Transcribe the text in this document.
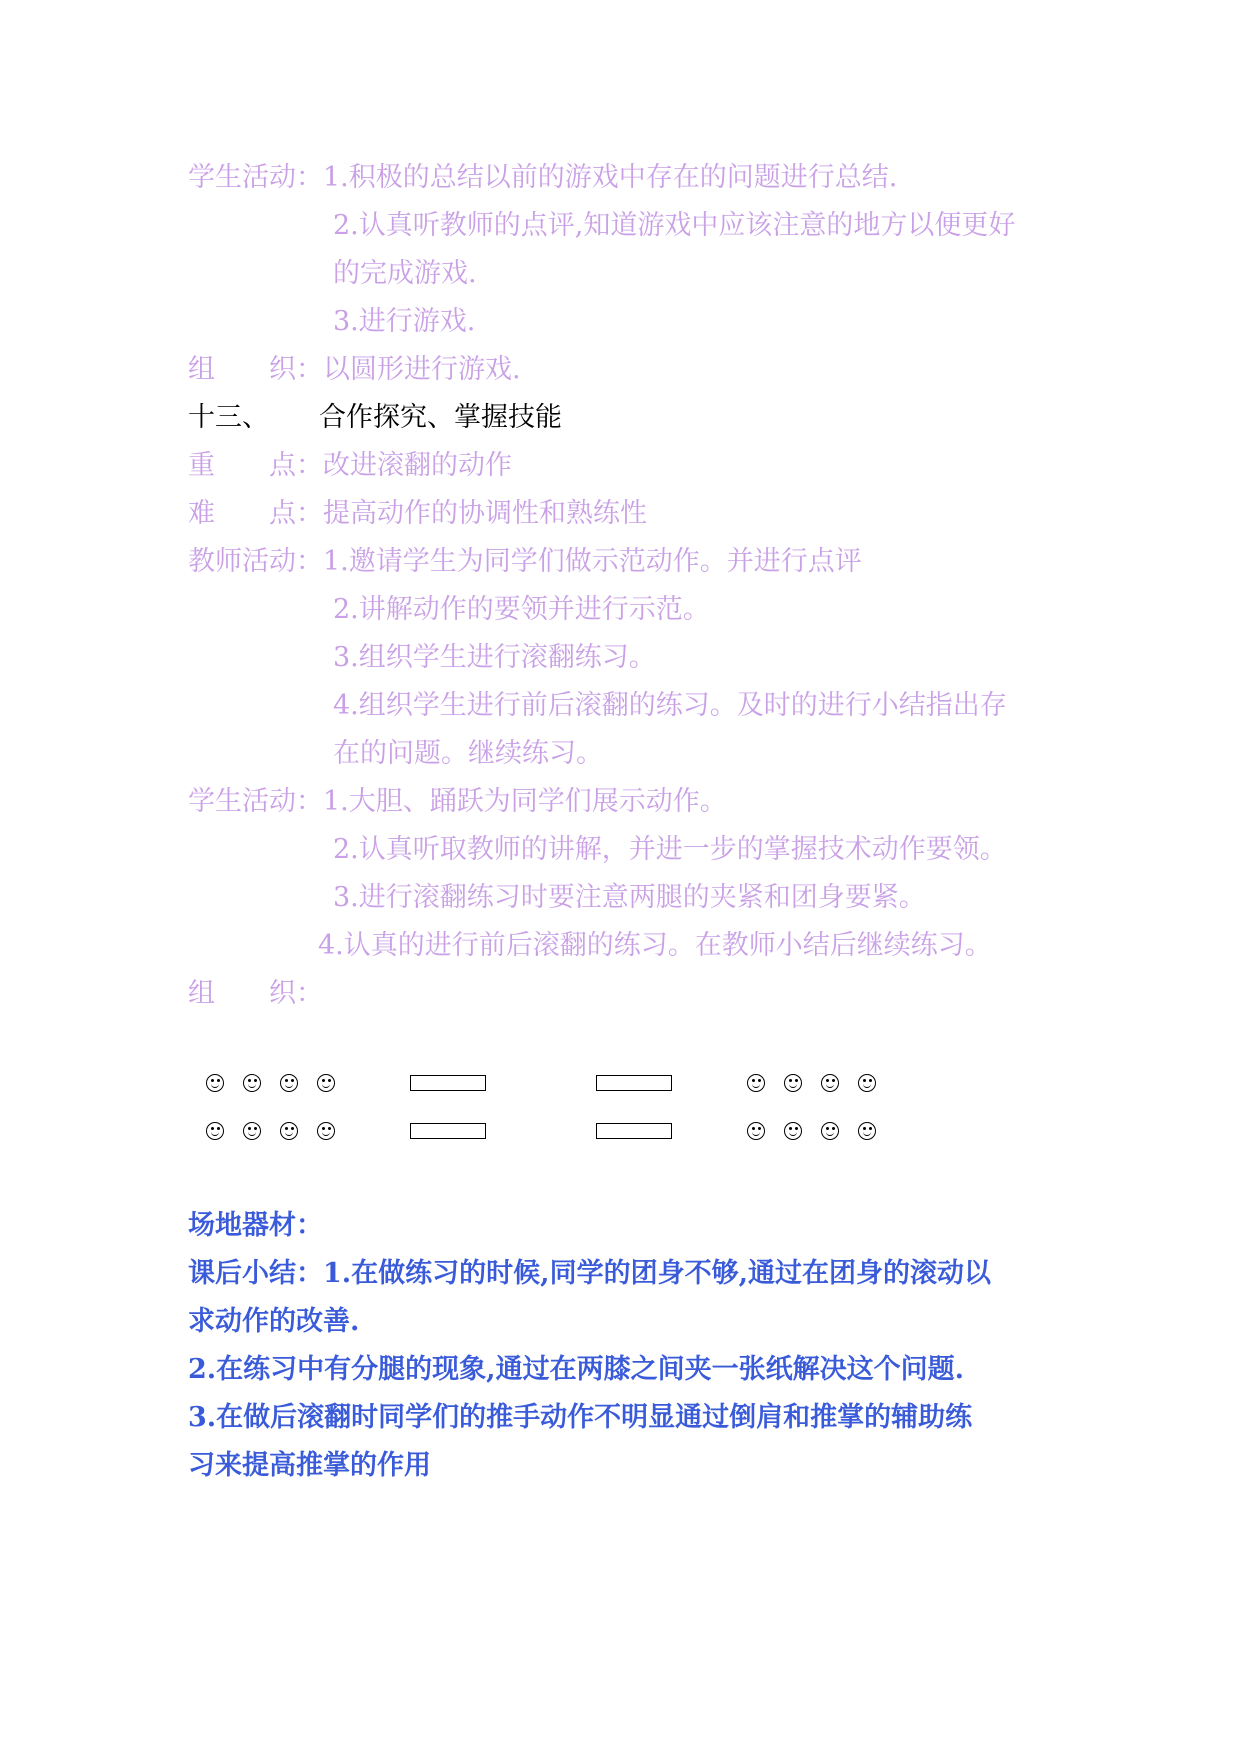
学生活动：1.积极的总结以前的游戏中存在的问题进行总结.
2.认真听教师的点评,知道游戏中应该注意的地方以便更好
的完成游戏.
3.进行游戏.
组　　织：以圆形进行游戏.
十三、 合作探究、掌握技能
重　　点：改进滚翻的动作
难　　点：提高动作的协调性和熟练性
教师活动：1.邀请学生为同学们做示范动作。并进行点评
2.讲解动作的要领并进行示范。
3.组织学生进行滚翻练习。
4.组织学生进行前后滚翻的练习。及时的进行小结指出存
在的问题。继续练习。
学生活动：1.大胆、踊跃为同学们展示动作。
2.认真听取教师的讲解，并进一步的掌握技术动作要领。
3.进行滚翻练习时要注意两腿的夹紧和团身要紧。
4.认真的进行前后滚翻的练习。在教师小结后继续练习。
组　　织：
场地器材：
课后小结：1.在做练习的时候,同学的团身不够,通过在团身的滚动以
求动作的改善.
2.在练习中有分腿的现象,通过在两膝之间夹一张纸解决这个问题.
3.在做后滚翻时同学们的推手动作不明显通过倒肩和推掌的辅助练
习来提高推掌的作用
